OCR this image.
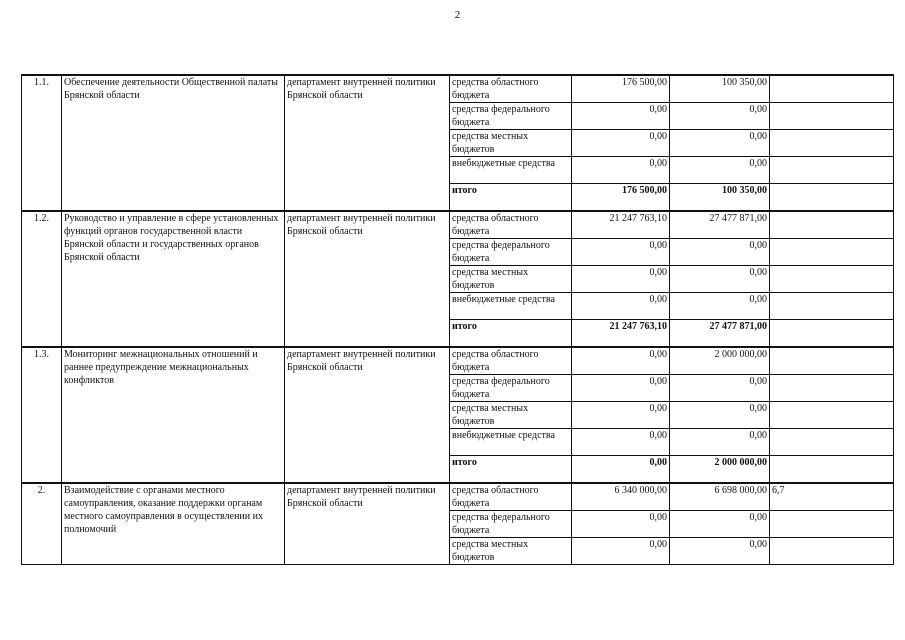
2
1.1.	Обеспечение деятельности Общественной палаты Брянской области	департамент внутренней политики Брянской области	средства областного бюджета	176 500,00	100 350,00	
			средства федерального бюджета	0,00	0,00	
			средства местных бюджетов	0,00	0,00	
			внебюджетные средства	0,00	0,00	
			итого	176 500,00	100 350,00	
1.2.	Руководство и управление в сфере установленных функций органов государственной власти Брянской области и государственных органов Брянской области	департамент внутренней политики Брянской области	средства областного бюджета	21 247 763,10	27 477 871,00	
			средства федерального бюджета	0,00	0,00	
			средства местных бюджетов	0,00	0,00	
			внебюджетные средства	0,00	0,00	
			итого	21 247 763,10	27 477 871,00	
1.3.	Мониторинг межнациональных отношений и раннее предупреждение межнациональных конфликтов	департамент внутренней политики Брянской области	средства областного бюджета	0,00	2 000 000,00	
			средства федерального бюджета	0,00	0,00	
			средства местных бюджетов	0,00	0,00	
			внебюджетные средства	0,00	0,00	
			итого	0,00	2 000 000,00	
2.	Взаимодействие с органами местного самоуправления, оказание поддержки органам местного самоуправления в осуществлении их полномочий	департамент внутренней политики Брянской области	средства областного бюджета	6 340 000,00	6 698 000,00	6,7
			средства федерального бюджета	0,00	0,00	
			средства местных бюджетов	0,00	0,00	
